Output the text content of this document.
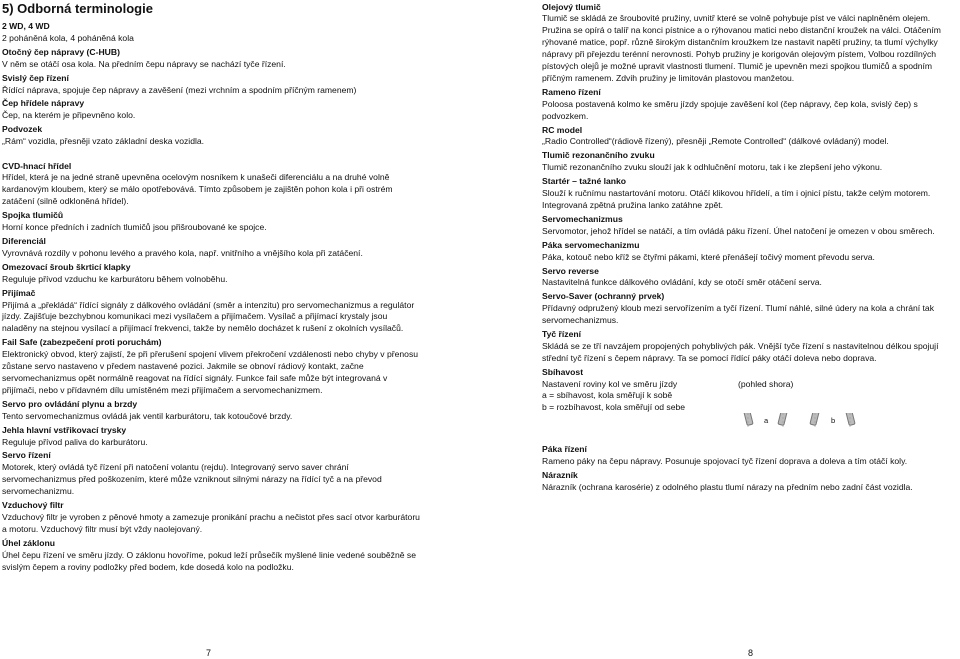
5) Odborná terminologie
2 WD, 4 WD
2 poháněná kola, 4 poháněná kola
Otočný čep nápravy (C-HUB)
V něm se otáčí osa kola. Na předním čepu nápravy se nachází tyče řízení.
Svislý čep řízení
Řídící náprava, spojuje čep nápravy a zavěšení (mezi vrchním a spodním příčným ramenem)
Čep hřídele nápravy
Čep, na kterém je připevněno kolo.
Podvozek
„Rám“ vozidla, přesněji vzato základní deska vozidla.
CVD-hnací hřídel
Hřídel, která je na jedné straně upevněna ocelovým nosníkem k unašeči diferenciálu a na druhé volně kardanovým kloubem, který se málo opotřebovává. Tímto způsobem je zajištěn pohon kola i při ostrém zatáčení (silně odkloněná hřídel).
Spojka tlumičů
Horní konce předních i zadních tlumičů jsou přišroubované ke spojce.
Diferenciál
Vyrovnává rozdíly v pohonu levého a pravého kola, např. vnitřního a vnějšího kola při zatáčení.
Omezovací šroub škrticí klapky
Reguluje přívod vzduchu ke karburátoru během volnoběhu.
Přijímač
Přijímá a „překládá“ řídící signály z dálkového ovládání (směr a intenzitu) pro servomechanizmus a regulátor jízdy. Zajišťuje bezchybnou komunikaci mezi vysílačem a přijímačem. Vysílač a přijímací krystaly jsou naladěny na stejnou vysílací a přijímací frekvenci, takže by nemělo docházet k rušení z okolních vysílačů.
Fail Safe (zabezpečení proti poruchám)
Elektronický obvod, který zajistí, že při přerušení spojení vlivem překročení vzdálenosti nebo chyby v přenosu zůstane servo nastaveno v předem nastavené pozici. Jakmile se obnoví rádiový kontakt, začne servomechanizmus opět normálně reagovat na řídící signály. Funkce fail safe může být integrovaná v přijímači, nebo v přídavném dílu umístěném mezi přijímačem a servomechanizmem.
Servo pro ovládání plynu a brzdy
Tento servomechanizmus ovládá jak ventil karburátoru, tak kotoučové brzdy.
Jehla hlavní vstřikovací trysky
Reguluje přívod paliva do karburátoru.
Servo řízení
Motorek, který ovládá tyč řízení při natočení volantu (rejdu). Integrovaný servo saver chrání servomechanizmus před poškozením, které může vzniknout silnými nárazy na řídící tyč a na převod servomechanizmu.
Vzduchový filtr
Vzduchový filtr je vyroben z pěnové hmoty a zamezuje pronikání prachu a nečistot přes sací otvor karburátoru a motoru. Vzduchový filtr musí být vždy naolejovaný.
Úhel záklonu
Úhel čepu řízení ve směru jízdy. O záklonu hovoříme, pokud leží průsečík myšlené linie vedené souběžně se svislým čepem a roviny podložky před bodem, kde dosedá kolo na podložku.
Olejový tlumič
Tlumič se skládá ze šroubovité pružiny, uvnitř které se volně pohybuje píst ve válci naplněném olejem. Pružina se opírá o talíř na konci pístnice a o rýhovanou matici nebo distanční kroužek na válci. Otáčením rýhované matice, popř. různě širokým distančním kroužkem lze nastavit napětí pružiny, ta tlumí výchylky nápravy při přejezdu terénní nerovnosti. Pohyb pružiny je korigován olejovým pístem, Volbou rozdílných pístových olejů je možné upravit vlastnosti tlumení. Tlumič je upevněn mezi spojkou tlumičů a spodním příčným ramenem. Zdvih pružiny je limitován plastovou manžetou.
Rameno řízení
Poloosa postavená kolmo ke směru jízdy spojuje zavěšení kol (čep nápravy, čep kola, svislý čep) s podvozkem.
RC model
„Radio Controlled“(rádiově řízený), přesněji „Remote Controlled“ (dálkové ovládaný) model.
Tlumič rezonančního zvuku
Tlumič rezonančního zvuku slouží jak k odhlučnění motoru, tak i ke zlepšení jeho výkonu.
Startér – tažné lanko
Slouží k ručnímu nastartování motoru. Otáčí klikovou hřídelí, a tím i ojnicí pístu, takže celým motorem. Integrovaná zpětná pružina lanko zatáhne zpět.
Servomechanizmus
Servomotor, jehož hřídel se natáčí, a tím ovládá páku řízení. Úhel natočení je omezen v obou směrech.
Páka servomechanizmu
Páka, kotouč nebo kříž se čtyřmi pákami, které přenášejí točivý moment převodu serva.
Servo reverse
Nastavitelná funkce dálkového ovládání, kdy se otočí směr otáčení serva.
Servo-Saver (ochranný prvek)
Přídavný odpružený kloub mezi servořízením a tyčí řízení. Tlumí náhlé, silné údery na kola a chrání tak servomechanizmus.
Tyč řízení
Skládá se ze tří navzájem propojených pohyblivých pák. Vnější tyče řízení s nastavitelnou délkou spojují střední tyč řízení s čepem nápravy. Ta se pomocí řídící páky otáčí doleva nebo doprava.
Sbíhavost
Nastavení roviny kol ve směru jízdy	(pohled shora)
a = sbíhavost, kola směřují k sobě
b = rozbíhavost, kola směřují od sebe
a	b
Páka řízení
Rameno páky na čepu nápravy. Posunuje spojovací tyč řízení doprava a doleva a tím otáčí koly.
Nárazník
Nárazník (ochrana karosérie) z odolného plastu tlumí nárazy na předním nebo zadní část vozidla.
7	8
